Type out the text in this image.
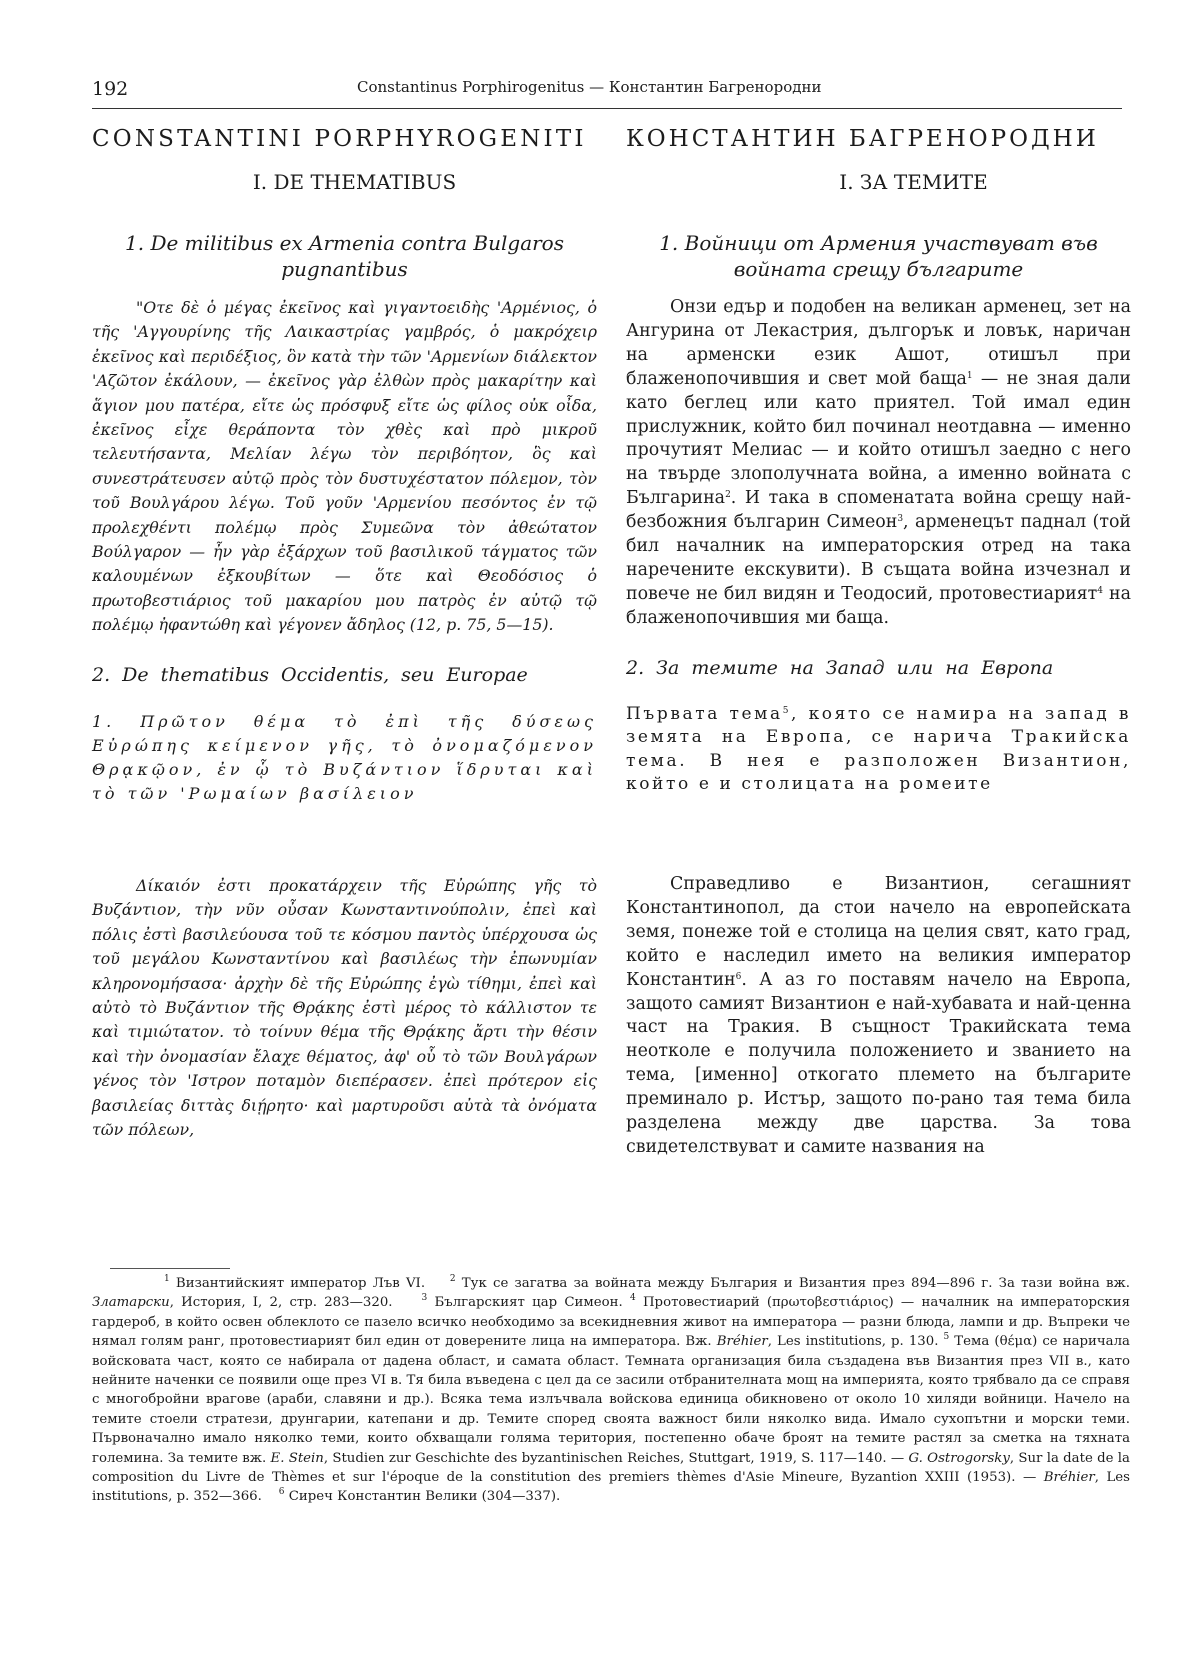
192	Constantinus Porphirogenitus — Константин Багренородни
CONSTANTINI PORPHYROGENITI
I. DE THEMATIBUS
1. De militibus ex Armenia contra Bulgaros pugnantibus

"Οτε δὲ ὁ μέγας ἐκεῖνος καὶ γιγαντοειδὴς 'Αρμένιος, ὁ τῆς 'Αγγουρίνης τῆς Λαικαστρίας γαμβρός, ὁ μακρόχειρ ἐκεῖνος καὶ περιδέξιος, ὃν κατὰ τὴν τῶν 'Αρμενίων διάλεκτον 'Αζῶτον ἐκάλουν, — ἐκεῖνος γὰρ ἐλθὼν πρὸς μακαρίτην καὶ ἅγιον μου πατέρα, εἴτε ὡς πρόσφυξ εἴτε ὡς φίλος οὐκ οἶδα, ἐκεῖνος εἶχε θεράποντα τὸν χθὲς καὶ πρὸ μικροῦ τελευτήσαντα, Μελίαν λέγω τὸν περιβόητον, ὃς καὶ συνεστράτευσεν αὐτῷ πρὸς τὸν δυστυχέστατον πόλεμον, τὸν τοῦ Βουλγάρου λέγω. Τοῦ γοῦν 'Αρμενίου πεσόντος ἐν τῷ προλεχθέντι πολέμῳ πρὸς Συμεῶνα τὸν ἀθεώτατον Βούλγαρον — ἦν γὰρ ἐξάρχων τοῦ βασιλικοῦ τάγματος τῶν καλουμένων ἐξκουβίτων — ὅτε καὶ Θεοδόσιος ὁ πρωτοβεστιάριος τοῦ μακαρίου μου πατρὸς ἐν αὐτῷ τῷ πολέμῳ ἠφαντώθη καὶ γέγονεν ἄδηλος (12, p. 75, 5—15).

2. De thematibus Occidentis, seu Europae

1. Πρῶτον θέμα τὸ ἐπὶ τῆς δύσεως Εὐρώπης κείμενον γῆς, τὸ ὀνομαζόμενον Θρᾳκῷον, ἐν ᾧ τὸ Βυζάντιον ἵδρυται καὶ τὸ τῶν 'Ρωμαίων βασίλειον

Δίκαιόν ἐστι προκατάρχειν τῆς Εὐρώπης γῆς τὸ Βυζάντιον, τὴν νῦν οὖσαν Κωνσταντινούπολιν, ἐπεὶ καὶ πόλις ἐστὶ βασιλεύουσα τοῦ τε κόσμου παντὸς ὑπέρχουσα ὡς τοῦ μεγάλου Κωνσταντίνου καὶ βασιλέως τὴν ἐπωνυμίαν κληρονομήσασα· ἀρχὴν δὲ τῆς Εὐρώπης ἐγὼ τίθημι, ἐπεὶ καὶ αὐτὸ τὸ Βυζάντιον τῆς Θρᾴκης ἐστὶ μέρος τὸ κάλλιστον τε καὶ τιμιώτατον. τὸ τοίνυν θέμα τῆς Θρᾴκης ἄρτι τὴν θέσιν καὶ τὴν ὀνομασίαν ἔλαχε θέματος, ἀφ' οὗ τὸ τῶν Βουλγάρων γένος τὸν 'Ιστρον ποταμὸν διεπέρασεν. ἐπεὶ πρότερον εἰς βασιλείας διττὰς διῄρητο· καὶ μαρτυροῦσι αὐτὰ τὰ ὀνόματα τῶν πόλεων,

КОНСТАНТИН БАГРЕНОРОДНИ
I. ЗА ТЕМИТЕ
1. Войници от Армения участвуват във войната срещу българите

Онзи едър и подобен на великан арменец, зет на Ангурина от Лекастрия, дългорък и ловък, наричан на арменски език Ашот, отишъл при блаженопочившия и свет мой баща$^1$ — не зная дали като беглец или като приятел. Той имал един прислужник, който бил починал неотдавна — именно прочутият Мелиас — и който отишъл заедно с него на твърде злополучната война, а именно войната с Българина$^2$. И така в споменатата война срещу най-безбожния българин Симеон$^3$, арменецът паднал (той бил началник на императорския отред на така наречените екскувити). В същата война изчезнал и повече не бил видян и Теодосий, протовестиарият$^4$ на блаженопочившия ми баща.

2. За темите на Запад или на Европа

Първата тема$^5$, която се намира на запад в земята на Европа, се нарича Тракийска тема. В нея е разположен Византион, който е и столицата на ромеите

Справедливо е Византион, сегашният Константинопол, да стои начело на европейската земя, понеже той е столица на целия свят, като град, който е наследил името на великия император Константин$^6$. А аз го поставям начело на Европа, защото самият Византион е най-хубавата и най-ценна част на Тракия. В същност Тракийската тема неотколе е получила положението и званието на тема, [именно] откогато племето на българите преминало р. Истър, защото по-рано тая тема била разделена между две царства. За това свидетелствуват и самите названия на

$^1$ Византийският император Лъв VI.	$^2$ Тук се загатва за войната между България и Византия през 894—896 г. За тази война вж. Златарски, История, I, 2, стр. 283—320.	$^3$ Българският цар Симеон. $^4$ Протовестиарий (πρωτοβεστιάριος) — началник на императорския гардероб, в който освен облеклото се пазело всичко необходимо за всекидневния живот на императора — разни блюда, лампи и др. Въпреки че нямал голям ранг, протовестиарият бил един от доверените лица на императора. Вж. Bréhier, Les institutions, p. 130. $^5$ Тема (θέμα) се наричала войсковата част, която се набирала от дадена област, и самата област. Темната организация била създадена във Византия през VII в., като нейните наченки се появили още през VI в. Тя била въведена с цел да се засили отбранителната мощ на империята, която трябвало да се справя с многобройни врагове (араби, славяни и др.). Всяка тема излъчвала войскова единица обикновено от около 10 хиляди войници. Начело на темите стоели стратези, друнгарии, катепани и др. Темите според своята важност били няколко вида. Имало сухопътни и морски теми. Първоначално имало няколко теми, които обхващали голяма територия, постепенно обаче броят на темите растял за сметка на тяхната големина. За темите вж. E. Stein, Studien zur Geschichte des byzantinischen Reiches, Stuttgart, 1919, S. 117—140. — G. Ostrogorsky, Sur la date de la composition du Livre de Thèmes et sur l'époque de la constitution des premiers thèmes d'Asie Mineure, Byzantion XXIII (1953). — Bréhier, Les institutions, p. 352—366. $^6$ Сиреч Константин Велики (304—337).
